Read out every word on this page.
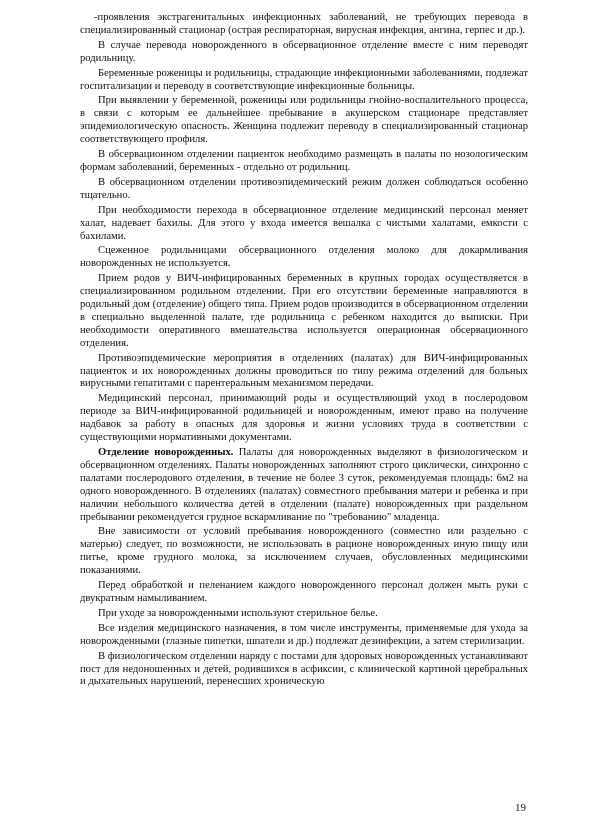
-проявления экстрагенитальных инфекционных заболеваний, не требующих перевода в специализированный стационар (острая респираторная, вирусная инфекция, ангина, герпес и др.).

В случае перевода новорожденного в обсервационное отделение вместе с ним переводят родильницу.

Беременные роженицы и родильницы, страдающие инфекционными заболеваниями, подлежат госпитализации и переводу в соответствующие инфекционные больницы.

При выявлении у беременной, роженицы или родильницы гнойно-воспалительного процесса, в связи с которым ее дальнейшее пребывание в акушерском стационаре представляет эпидемиологическую опасность. Женщина подлежит переводу в специализированный стационар соответствующего профиля.

В обсервационном отделении пациенток необходимо размещать в палаты по нозологическим формам заболеваний, беременных - отдельно от родильниц.

В обсервационном отделении противоэпидемический режим должен соблюдаться особенно тщательно.

При необходимости перехода в обсервационное отделение медицинский персонал меняет халат, надевает бахилы. Для этого у входа имеется вешалка с чистыми халатами, емкости с бахилами.

Сцеженное родильницами обсервационного отделения молоко для докармливания новорожденных не используется.

Прием родов у ВИЧ-инфицированных беременных в крупных городах осуществляется в специализированном родильном отделении. При его отсутствии беременные направляются в родильный дом (отделение) общего типа. Прием родов производится в обсервационном отделении в специально выделенной палате, где родильница с ребенком находится до выписки. При необходимости оперативного вмешательства используется операционная обсервационного отделения.

Противоэпидемические мероприятия в отделениях (палатах) для ВИЧ-инфицированных пациенток и их новорожденных должны проводиться по типу режима отделений для больных вирусными гепатитами с парентеральным механизмом передачи.

Медицинский персонал, принимающий роды и осуществляющий уход в послеродовом периоде за ВИЧ-инфицированной родильницей и новорожденным, имеют право на получение надбавок за работу в опасных для здоровья и жизни условиях труда в соответствии с существующими нормативными документами.

Отделение новорожденных. Палаты для новорожденных выделяют в физиологическом и обсервационном отделениях. Палаты новорожденных заполняют строго циклически, синхронно с палатами послеродового отделения, в течение не более 3 суток, рекомендуемая площадь: 6м2 на одного новорожденного. В отделениях (палатах) совместного пребывания матери и ребенка и при наличии небольшого количества детей в отделении (палате) новорожденных при раздельном пребывании рекомендуется грудное вскармливание по "требованию" младенца.

Вне зависимости от условий пребывания новорожденного (совместно или раздельно с матерью) следует, по возможности, не использовать в рационе новорожденных иную пищу или питье, кроме грудного молока, за исключением случаев, обусловленных медицинскими показаниями.

Перед обработкой и пеленанием каждого новорожденного персонал должен мыть руки с двукратным намыливанием.

При уходе за новорожденными используют стерильное белье.

Все изделия медицинского назначения, в том числе инструменты, применяемые для ухода за новорожденными (глазные пипетки, шпатели и др.) подлежат дезинфекции, а затем стерилизации.

В физиологическом отделении наряду с постами для здоровых новорожденных устанавливают пост для недоношенных и детей, родившихся в асфиксии, с клинической картиной церебральных и дыхательных нарушений, перенесших хроническую

19
